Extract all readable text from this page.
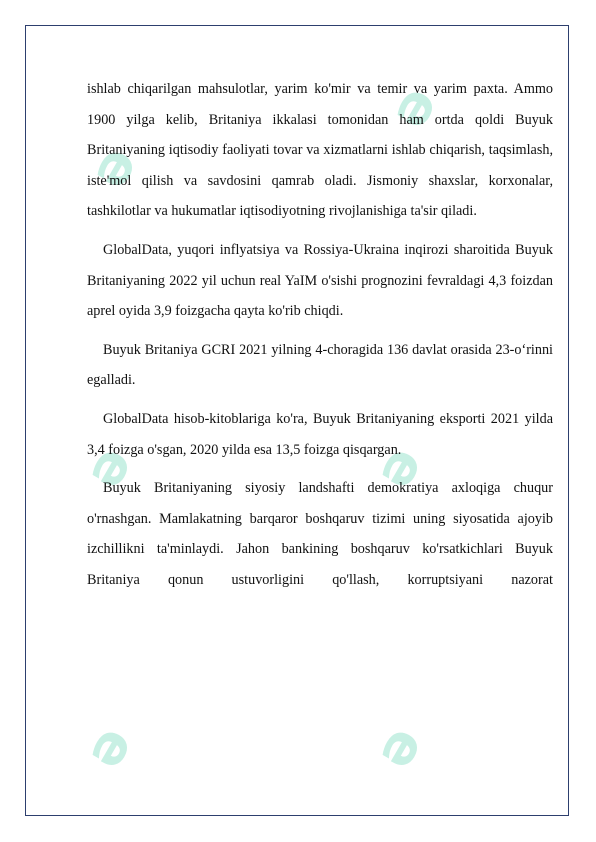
ə
ə
ə	ə
ə	ə

ishlab chiqarilgan mahsulotlar, yarim ko'mir va temir va yarim paxta. Ammo 1900 yilga kelib, Britaniya ikkalasi tomonidan ham ortda qoldi Buyuk Britaniyaning iqtisodiy faoliyati tovar va xizmatlarni ishlab chiqarish, taqsimlash, iste'mol qilish va savdosini qamrab oladi. Jismoniy shaxslar, korxonalar, tashkilotlar va hukumatlar iqtisodiyotning rivojlanishiga ta'sir qiladi.

GlobalData, yuqori inflyatsiya va Rossiya-Ukraina inqirozi sharoitida Buyuk Britaniyaning 2022 yil uchun real YaIM o'sishi prognozini fevraldagi 4,3 foizdan aprel oyida 3,9 foizgacha qayta ko'rib chiqdi.

Buyuk Britaniya GCRI 2021 yilning 4-choragida 136 davlat orasida 23-o‘rinni egalladi.

GlobalData hisob-kitoblariga ko'ra, Buyuk Britaniyaning eksporti 2021 yilda 3,4 foizga o'sgan, 2020 yilda esa 13,5 foizga qisqargan.

Buyuk Britaniyaning siyosiy landshafti demokratiya axloqiga chuqur o'rnashgan. Mamlakatning barqaror boshqaruv tizimi uning siyosatida ajoyib izchillikni ta'minlaydi. Jahon bankining boshqaruv ko'rsatkichlari Buyuk Britaniya qonun ustuvorligini qo'llash, korruptsiyani nazorat
